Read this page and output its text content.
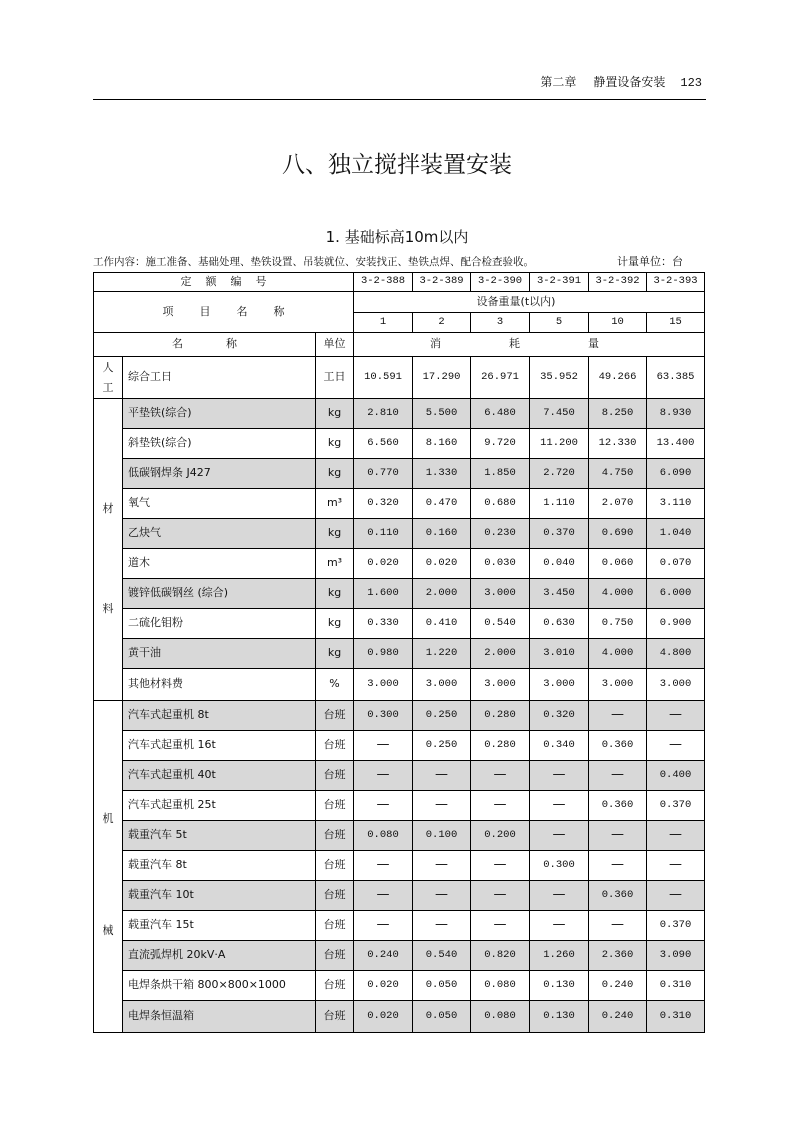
第二章 静置设备安装 123
八、独立搅拌装置安装
1. 基础标高10m以内
工作内容：施工准备、基础处理、垫铁设置、吊装就位、安装找正、垫铁点焊、配合检查验收。	计量单位：台
定额编号			3-2-388	3-2-389	3-2-390	3-2-391	3-2-392	3-2-393
项目名称			设备重量(t以内)					
			1	2	3	5	10	15
名称		单位	消耗量					

人工	综合工日	工日	10.591	17.290	26.971	35.952	49.266	63.385

材料	平垫铁(综合)	kg	2.810	5.500	6.480	7.450	8.250	8.930
	斜垫铁(综合)	kg	6.560	8.160	9.720	11.200	12.330	13.400
	低碳钢焊条 J427	kg	0.770	1.330	1.850	2.720	4.750	6.090
	氧气	m³	0.320	0.470	0.680	1.110	2.070	3.110
	乙炔气	kg	0.110	0.160	0.230	0.370	0.690	1.040
	道木	m³	0.020	0.020	0.030	0.040	0.060	0.070
	镀锌低碳钢丝 (综合)	kg	1.600	2.000	3.000	3.450	4.000	6.000
	二硫化钼粉	kg	0.330	0.410	0.540	0.630	0.750	0.900
	黄干油	kg	0.980	1.220	2.000	3.010	4.000	4.800
	其他材料费	%	3.000	3.000	3.000	3.000	3.000	3.000

机械	汽车式起重机 8t	台班	0.300	0.250	0.280	0.320	—	—
	汽车式起重机 16t	台班	—	0.250	0.280	0.340	0.360	—
	汽车式起重机 40t	台班	—	—	—	—	—	0.400
	汽车式起重机 25t	台班	—	—	—	—	0.360	0.370
	载重汽车 5t	台班	0.080	0.100	0.200	—	—	—
	载重汽车 8t	台班	—	—	—	0.300	—	—
	载重汽车 10t	台班	—	—	—	—	0.360	—
	载重汽车 15t	台班	—	—	—	—	—	0.370
	直流弧焊机 20kV·A	台班	0.240	0.540	0.820	1.260	2.360	3.090
	电焊条烘干箱 800×800×1000	台班	0.020	0.050	0.080	0.130	0.240	0.310
	电焊条恒温箱	台班	0.020	0.050	0.080	0.130	0.240	0.310
